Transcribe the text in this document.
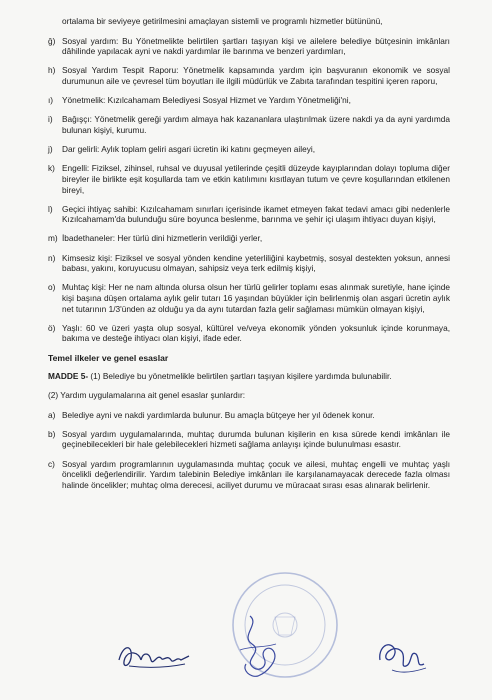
ortalama bir seviyeye getirilmesini amaçlayan sistemli ve programlı hizmetler bütününü,
ğ) Sosyal yardım: Bu Yönetmelikte belirtilen şartları taşıyan kişi ve ailelere belediye bütçesinin imkânları dâhilinde yapılacak ayni ve nakdi yardımlar ile barınma ve benzeri yardımları,
h) Sosyal Yardım Tespit Raporu: Yönetmelik kapsamında yardım için başvuranın ekonomik ve sosyal durumunun aile ve çevresel tüm boyutları ile ilgili müdürlük ve Zabıta tarafından tespitini içeren raporu,
ı) Yönetmelik: Kızılcahamam Belediyesi Sosyal Hizmet ve Yardım Yönetmeliği'ni,
i) Bağışçı: Yönetmelik gereği yardım almaya hak kazananlara ulaştırılmak üzere nakdi ya da ayni yardımda bulunan kişiyi, kurumu.
j) Dar gelirli: Aylık toplam geliri asgari ücretin iki katını geçmeyen aileyi,
k) Engelli: Fiziksel, zihinsel, ruhsal ve duyusal yetilerinde çeşitli düzeyde kayıplarından dolayı topluma diğer bireyler ile birlikte eşit koşullarda tam ve etkin katılımını kısıtlayan tutum ve çevre koşullarından etkilenen bireyi,
l) Geçici ihtiyaç sahibi: Kızılcahamam sınırları içerisinde ikamet etmeyen fakat tedavi amacı gibi nedenlerle Kızılcahamam'da bulunduğu süre boyunca beslenme, barınma ve şehir içi ulaşım ihtiyacı duyan kişiyi,
m) İbadethaneler: Her türlü dini hizmetlerin verildiği yerler,
n) Kimsesiz kişi: Fiziksel ve sosyal yönden kendine yeterliliğini kaybetmiş, sosyal destekten yoksun, annesi babası, yakını, koruyucusu olmayan, sahipsiz veya terk edilmiş kişiyi,
o) Muhtaç kişi: Her ne nam altında olursa olsun her türlü gelirler toplamı esas alınmak suretiyle, hane içinde kişi başına düşen ortalama aylık gelir tutarı 16 yaşından büyükler için belirlenmiş olan asgari ücretin aylık net tutarının 1/3'ünden az olduğu ya da aynı tutardan fazla gelir sağlaması mümkün olmayan kişiyi,
ö) Yaşlı: 60 ve üzeri yaşta olup sosyal, kültürel ve/veya ekonomik yönden yoksunluk içinde korunmaya, bakıma ve desteğe ihtiyacı olan kişiyi, ifade eder.
Temel ilkeler ve genel esaslar
MADDE 5- (1) Belediye bu yönetmelikle belirtilen şartları taşıyan kişilere yardımda bulunabilir.
(2) Yardım uygulamalarına ait genel esaslar şunlardır:
a) Belediye ayni ve nakdi yardımlarda bulunur. Bu amaçla bütçeye her yıl ödenek konur.
b) Sosyal yardım uygulamalarında, muhtaç durumda bulunan kişilerin en kısa sürede kendi imkânları ile geçinebilecekleri bir hale gelebilecekleri hizmeti sağlama anlayışı içinde bulunulması esastır.
c) Sosyal yardım programlarının uygulamasında muhtaç çocuk ve ailesi, muhtaç engelli ve muhtaç yaşlı öncelikli değerlendirilir. Yardım talebinin Belediye imkânları ile karşılanamayacak derecede fazla olması halinde öncelikler; muhtaç olma derecesi, aciliyet durumu ve müracaat sırası esas alınarak belirlenir.
